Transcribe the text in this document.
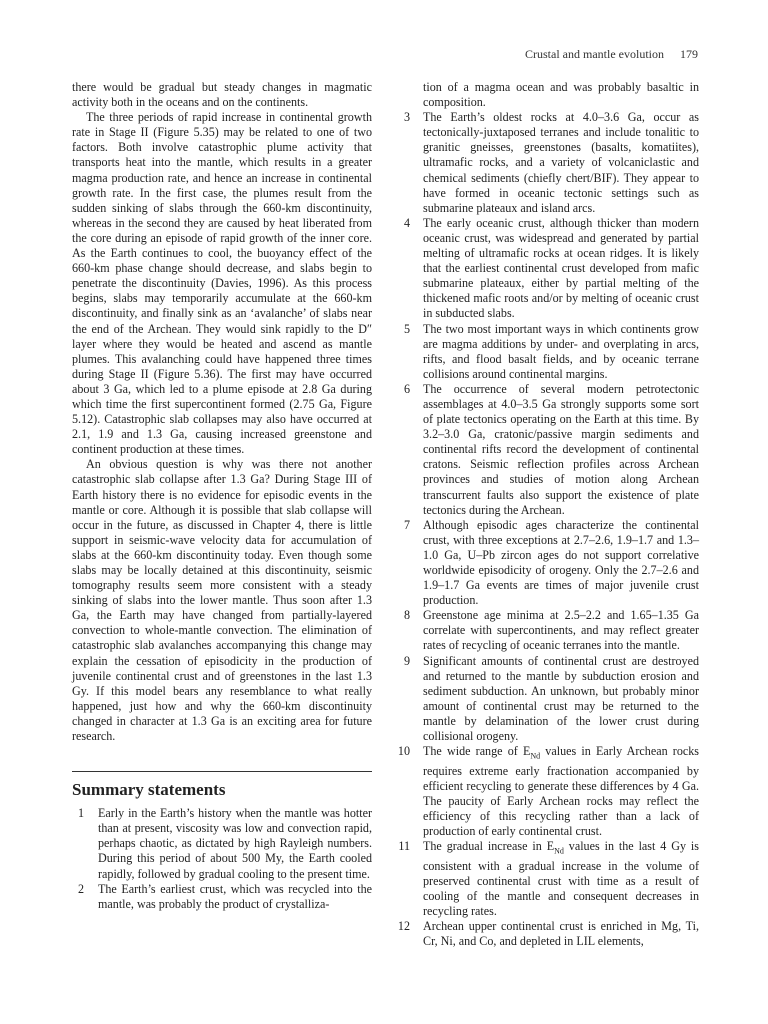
Crustal and mantle evolution 179

there would be gradual but steady changes in magmatic activity both in the oceans and on the continents.

The three periods of rapid increase in continental growth rate in Stage II (Figure 5.35) may be related to one of two factors. Both involve catastrophic plume activity that transports heat into the mantle, which results in a greater magma production rate, and hence an increase in continental growth rate. In the first case, the plumes result from the sudden sinking of slabs through the 660-km discontinuity, whereas in the second they are caused by heat liberated from the core during an episode of rapid growth of the inner core. As the Earth continues to cool, the buoyancy effect of the 660-km phase change should decrease, and slabs begin to penetrate the discontinuity (Davies, 1996). As this process begins, slabs may temporarily accumulate at the 660-km discontinuity, and finally sink as an ‘avalanche’ of slabs near the end of the Archean. They would sink rapidly to the D″ layer where they would be heated and ascend as mantle plumes. This avalanching could have happened three times during Stage II (Figure 5.36). The first may have occurred about 3 Ga, which led to a plume episode at 2.8 Ga during which time the first supercontinent formed (2.75 Ga, Figure 5.12). Catastrophic slab collapses may also have occurred at 2.1, 1.9 and 1.3 Ga, causing increased greenstone and continent production at these times.

An obvious question is why was there not another catastrophic slab collapse after 1.3 Ga? During Stage III of Earth history there is no evidence for episodic events in the mantle or core. Although it is possible that slab collapse will occur in the future, as discussed in Chapter 4, there is little support in seismic-wave velocity data for accumulation of slabs at the 660-km discontinuity today. Even though some slabs may be locally detained at this discontinuity, seismic tomography results seem more consistent with a steady sinking of slabs into the lower mantle. Thus soon after 1.3 Ga, the Earth may have changed from partially-layered convection to whole-mantle convection. The elimination of catastrophic slab avalanches accompanying this change may explain the cessation of episodicity in the production of juvenile continental crust and of greenstones in the last 1.3 Gy. If this model bears any resemblance to what really happened, just how and why the 660-km discontinuity changed in character at 1.3 Ga is an exciting area for future research.

Summary statements
1	Early in the Earth’s history when the mantle was hotter than at present, viscosity was low and convection rapid, perhaps chaotic, as dictated by high Rayleigh numbers. During this period of about 500 My, the Earth cooled rapidly, followed by gradual cooling to the present time.
2	The Earth’s earliest crust, which was recycled into the mantle, was probably the product of crystalliza-

tion of a magma ocean and was probably basaltic in composition.

3	The Earth’s oldest rocks at 4.0–3.6 Ga, occur as tectonically-juxtaposed terranes and include tonalitic to granitic gneisses, greenstones (basalts, komatiites), ultramafic rocks, and a variety of volcaniclastic and chemical sediments (chiefly chert/BIF). They appear to have formed in oceanic tectonic settings such as submarine plateaux and island arcs.
4	The early oceanic crust, although thicker than modern oceanic crust, was widespread and generated by partial melting of ultramafic rocks at ocean ridges. It is likely that the earliest continental crust developed from mafic submarine plateaux, either by partial melting of the thickened mafic roots and/or by melting of oceanic crust in subducted slabs.
5	The two most important ways in which continents grow are magma additions by under- and overplating in arcs, rifts, and flood basalt fields, and by oceanic terrane collisions around continental margins.
6	The occurrence of several modern petrotectonic assemblages at 4.0–3.5 Ga strongly supports some sort of plate tectonics operating on the Earth at this time. By 3.2–3.0 Ga, cratonic/passive margin sediments and continental rifts record the development of continental cratons. Seismic reflection profiles across Archean provinces and studies of motion along Archean transcurrent faults also support the existence of plate tectonics during the Archean.
7	Although episodic ages characterize the continental crust, with three exceptions at 2.7–2.6, 1.9–1.7 and 1.3–1.0 Ga, U–Pb zircon ages do not support correlative worldwide episodicity of orogeny. Only the 2.7–2.6 and 1.9–1.7 Ga events are times of major juvenile crust production.
8	Greenstone age minima at 2.5–2.2 and 1.65–1.35 Ga correlate with supercontinents, and may reflect greater rates of recycling of oceanic terranes into the mantle.
9	Significant amounts of continental crust are destroyed and returned to the mantle by subduction erosion and sediment subduction. An unknown, but probably minor amount of continental crust may be returned to the mantle by delamination of the lower crust during collisional orogeny.
10	The wide range of $E_{Nd}$ values in Early Archean rocks requires extreme early fractionation accompanied by efficient recycling to generate these differences by 4 Ga. The paucity of Early Archean rocks may reflect the efficiency of this recycling rather than a lack of production of early continental crust.
11	The gradual increase in $E_{Nd}$ values in the last 4 Gy is consistent with a gradual increase in the volume of preserved continental crust with time as a result of cooling of the mantle and consequent decreases in recycling rates.
12	Archean upper continental crust is enriched in Mg, Ti, Cr, Ni, and Co, and depleted in LIL elements,
